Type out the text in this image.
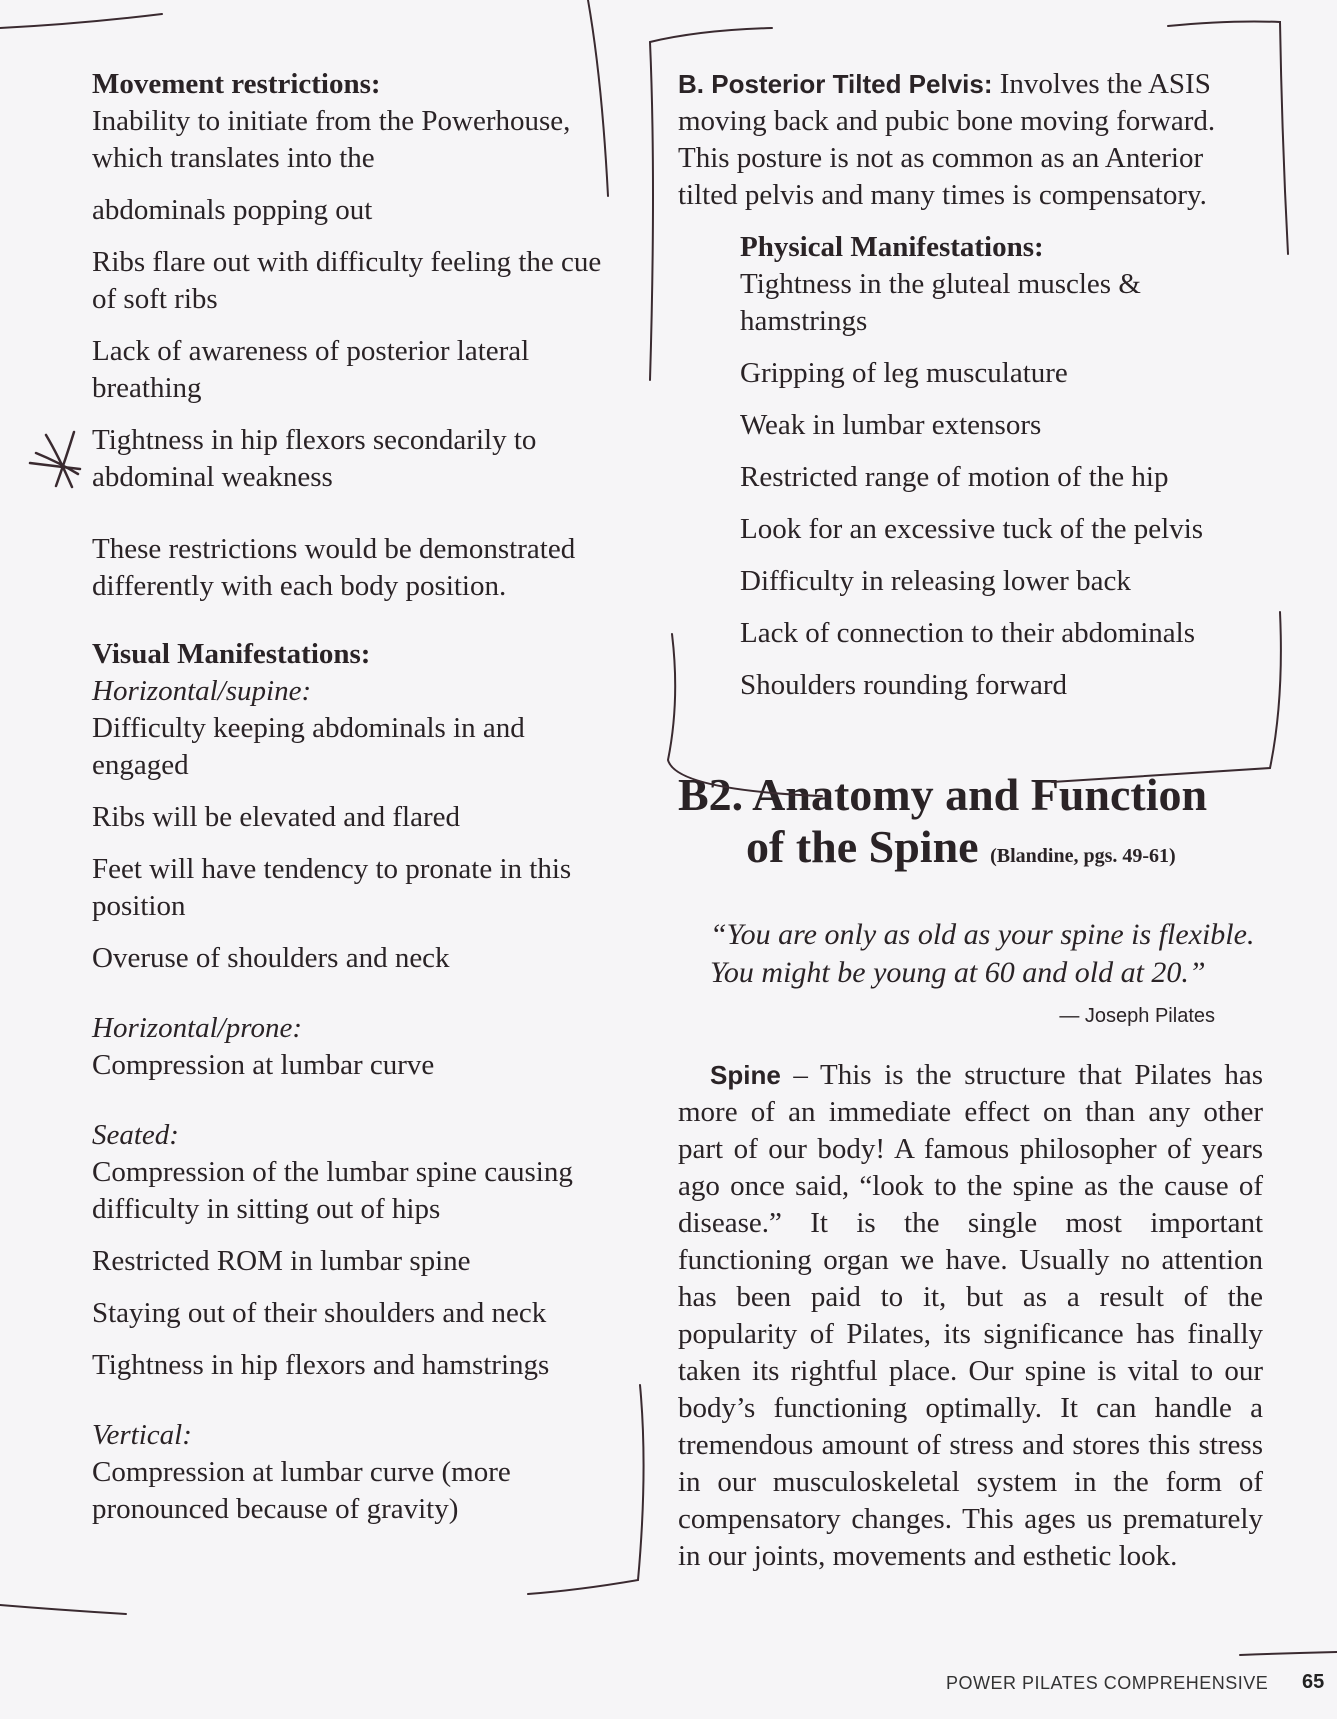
Movement restrictions:

Inability to initiate from the Powerhouse, which translates into the

abdominals popping out

Ribs flare out with difficulty feeling the cue of soft ribs

Lack of awareness of posterior lateral breathing

Tightness in hip flexors secondarily to abdominal weakness

These restrictions would be demonstrated differently with each body position.

Visual Manifestations:

Horizontal/supine:

Difficulty keeping abdominals in and engaged

Ribs will be elevated and flared

Feet will have tendency to pronate in this position

Overuse of shoulders and neck

Horizontal/prone:

Compression at lumbar curve

Seated:

Compression of the lumbar spine causing difficulty in sitting out of hips

Restricted ROM in lumbar spine

Staying out of their shoulders and neck

Tightness in hip flexors and hamstrings

Vertical:

Compression at lumbar curve (more pronounced because of gravity)

B. Posterior Tilted Pelvis: Involves the ASIS moving back and pubic bone moving forward. This posture is not as common as an Anterior tilted pelvis and many times is compensatory.

Physical Manifestations:

Tightness in the gluteal muscles & hamstrings

Gripping of leg musculature

Weak in lumbar extensors

Restricted range of motion of the hip

Look for an excessive tuck of the pelvis

Difficulty in releasing lower back

Lack of connection to their abdominals

Shoulders rounding forward

B2. Anatomy and Function

of the Spine (Blandine, pgs. 49-61)

“You are only as old as your spine is flexible.

You might be young at 60 and old at 20.”

— Joseph Pilates

Spine – This is the structure that Pilates has more of an immediate effect on than any other part of our body! A famous philosopher of years ago once said, “look to the spine as the cause of disease.” It is the single most important functioning organ we have. Usually no attention has been paid to it, but as a result of the popularity of Pilates, its significance has finally taken its rightful place. Our spine is vital to our body’s functioning optimally. It can handle a tremendous amount of stress and stores this stress in our musculoskeletal system in the form of compensatory changes. This ages us prematurely in our joints, movements and esthetic look.

POWER PILATES COMPREHENSIVE 65
